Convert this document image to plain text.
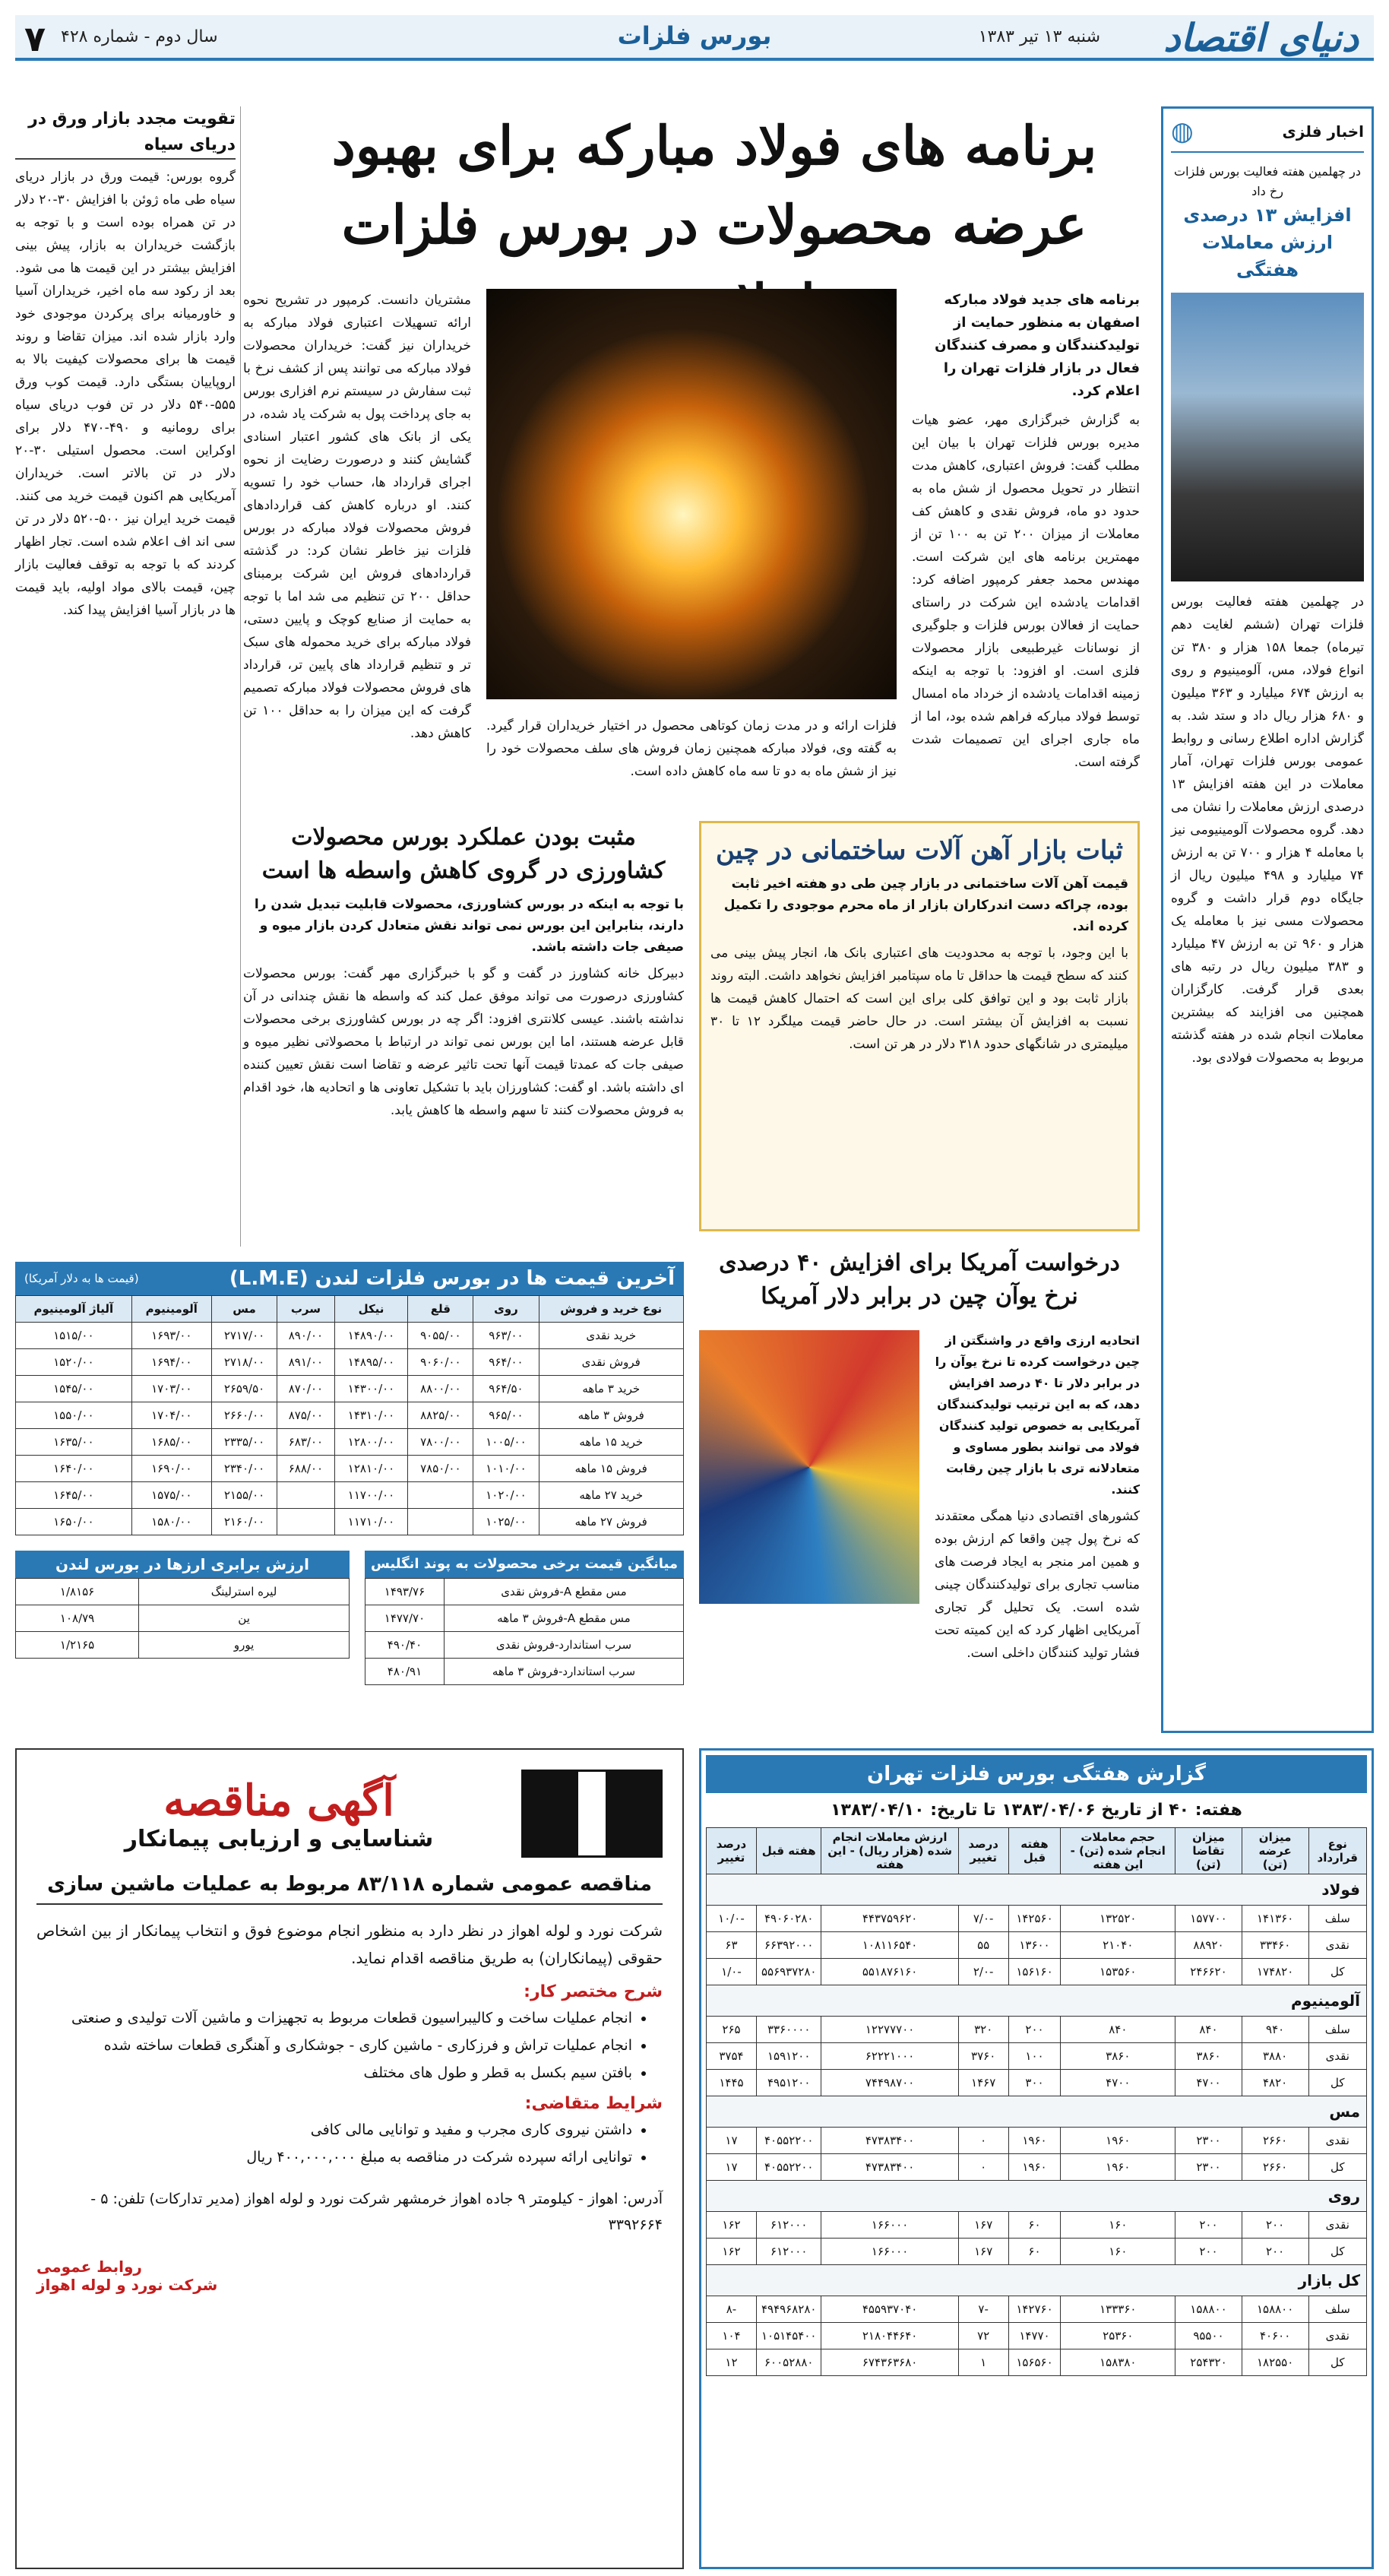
دنیای اقتصاد
شنبه ۱۳ تیر ۱۳۸۳
بورس فلزات
سال دوم - شماره ۴۲۸
۷
اخبار فلزی
◍
در چهلمین هفته فعالیت بورس فلزات رخ داد
افزایش ۱۳ درصدی ارزش معاملات هفتگی
در چهلمین هفته فعالیت بورس فلزات تهران (ششم لغایت دهم تیرماه) جمعا ۱۵۸ هزار و ۳۸۰ تن انواع فولاد، مس، آلومینیوم و روی به ارزش ۶۷۴ میلیارد و ۳۶۳ میلیون و ۶۸۰ هزار ریال داد و ستد شد. به گزارش اداره اطلاع رسانی و روابط عمومی بورس فلزات تهران، آمار معاملات در این هفته افزایش ۱۳ درصدی ارزش معاملات را نشان می دهد. گروه محصولات آلومینیومی نیز با معامله ۴ هزار و ۷۰۰ تن به ارزش ۷۴ میلیارد و ۴۹۸ میلیون ریال از جایگاه دوم قرار داشت و گروه محصولات مسی نیز با معامله یک هزار و ۹۶۰ تن به ارزش ۴۷ میلیارد و ۳۸۳ میلیون ریال در رتبه های بعدی قرار گرفت. کارگزاران همچنین می افزایند که بیشترین معاملات انجام شده در هفته گذشته مربوط به محصولات فولادی بود.
برنامه های فولاد مبارکه برای بهبود عرضه محصولات در بورس فلزات
برنامه های جدید فولاد مبارکه اصفهان به منظور حمایت از تولیدکنندگان و مصرف کنندگان فعال در بازار فلزات تهران را اعلام کرد.
به گزارش خبرگزاری مهر، عضو هیات مدیره بورس فلزات تهران با بیان این مطلب گفت: فروش اعتباری، کاهش مدت انتظار در تحویل محصول از شش ماه به حدود دو ماه، فروش نقدی و کاهش کف معاملات از میزان ۲۰۰ تن به ۱۰۰ تن از مهمترین برنامه های این شرکت است. مهندس محمد جعفر کرمپور اضافه کرد: اقدامات یادشده این شرکت در راستای حمایت از فعالان بورس فلزات و جلوگیری از نوسانات غیرطبیعی بازار محصولات فلزی است. او افزود: با توجه به اینکه زمینه اقدامات یادشده از خرداد ماه امسال توسط فولاد مبارکه فراهم شده بود، اما از ماه جاری اجرای این تصمیمات شدت گرفته است.
فلزات ارائه و در مدت زمان کوتاهی محصول در اختیار خریداران قرار گیرد. به گفته وی، فولاد مبارکه همچنین زمان فروش های سلف محصولات خود را نیز از شش ماه به دو تا سه ماه کاهش داده است.
مشتریان دانست. کرمپور در تشریح نحوه ارائه تسهیلات اعتباری فولاد مبارکه به خریداران نیز گفت: خریداران محصولات فولاد مبارکه می توانند پس از کشف نرخ با ثبت سفارش در سیستم نرم افزاری بورس به جای پرداخت پول به شرکت یاد شده، در یکی از بانک های کشور اعتبار اسنادی گشایش کنند و درصورت رضایت از نحوه اجرای قرارداد ها، حساب خود را تسویه کنند. او درباره کاهش کف قراردادهای فروش محصولات فولاد مبارکه در بورس فلزات نیز خاطر نشان کرد: در گذشته قراردادهای فروش این شرکت برمبنای حداقل ۲۰۰ تن تنظیم می شد اما با توجه به حمایت از صنایع کوچک و پایین دستی، فولاد مبارکه برای خرید محموله های سبک تر و تنظیم قرارداد های پایین تر، قرارداد های فروش محصولات فولاد مبارکه تصمیم گرفت که این میزان را به حداقل ۱۰۰ تن کاهش دهد.
تقویت مجدد بازار ورق در دریای سیاه
گروه بورس: قیمت ورق در بازار دریای سیاه طی ماه ژوئن با افزایش ۳۰-۲۰ دلار در تن همراه بوده است و با توجه به بازگشت خریداران به بازار، پیش بینی افزایش بیشتر در این قیمت ها می شود. بعد از رکود سه ماه اخیر، خریداران آسیا و خاورمیانه برای پرکردن موجودی خود وارد بازار شده اند. میزان تقاضا و روند قیمت ها برای محصولات کیفیت بالا به اروپاییان بستگی دارد. قیمت کوب ورق ۵۵۵-۵۴۰ دلار در تن فوب دریای سیاه برای رومانیه و ۴۹۰-۴۷۰ دلار برای اوکراین است. محصول استیلی ۳۰-۲۰ دلار در تن بالاتر است. خریداران آمریکایی هم اکنون قیمت خرید می کنند. قیمت خرید ایران نیز ۵۰۰-۵۲۰ دلار در تن سی اند اف اعلام شده است. تجار اظهار کردند که با توجه به توقف فعالیت بازار چین، قیمت بالای مواد اولیه، باید قیمت ها در بازار آسیا افزایش پیدا کند.
مثبت بودن عملکرد بورس محصولات کشاورزی در گروی کاهش واسطه ها است
با توجه به اینکه در بورس کشاورزی، محصولات قابلیت تبدیل شدن را دارند، بنابراین این بورس نمی تواند نقش متعادل کردن بازار میوه و صیفی جات داشته باشد.
دبیرکل خانه کشاورز در گفت و گو با خبرگزاری مهر گفت: بورس محصولات کشاورزی درصورت می تواند موفق عمل کند که واسطه ها نقش چندانی در آن نداشته باشند. عیسی کلانتری افزود: اگر چه در بورس کشاورزی برخی محصولات قابل عرضه هستند، اما این بورس نمی تواند در ارتباط با محصولاتی نظیر میوه و صیفی جات که عمدتا قیمت آنها تحت تاثیر عرضه و تقاضا است نقش تعیین کننده ای داشته باشد. او گفت: کشاورزان باید با تشکیل تعاونی ها و اتحادیه ها، خود اقدام به فروش محصولات کنند تا سهم واسطه ها کاهش یابد.
ثبات بازار آهن آلات ساختمانی در چین
قیمت آهن آلات ساختمانی در بازار چین طی دو هفته اخیر ثابت بوده، چراکه دست اندرکاران بازار از ماه محرم موجودی را تکمیل کرده اند.
با این وجود، با توجه به محدودیت های اعتباری بانک ها، انجار پیش بینی می کنند که سطح قیمت ها حداقل تا ماه سپتامبر افزایش نخواهد داشت. البته روند بازار ثابت بود و این توافق کلی برای این است که احتمال کاهش قیمت ها نسبت به افزایش آن بیشتر است. در حال حاضر قیمت میلگرد ۱۲ تا ۳۰ میلیمتری در شانگهای حدود ۳۱۸ دلار در هر تن است.
درخواست آمریکا برای افزایش ۴۰ درصدی نرخ یوآن چین در برابر دلار آمریکا
اتحادیه ارزی واقع در واشنگتن از چین درخواست کرده تا نرخ یوآن را در برابر دلار تا ۴۰ درصد افزایش دهد، که به این ترتیب تولیدکنندگان آمریکایی به خصوص تولید کنندگان فولاد می توانند بطور مساوی و متعادلانه تری با بازار چین رقابت کنند.
کشورهای اقتصادی دنیا همگی معتقدند که نرخ پول چین واقعا کم ارزش بوده و همین امر منجر به ایجاد فرصت های مناسب تجاری برای تولیدکنندگان چینی شده است. یک تحلیل گر تجاری آمریکایی اظهار کرد که این کمیته تحت فشار تولید کنندگان داخلی است.
آخرین قیمت ها در بورس فلزات لندن (L.M.E)
(قیمت ها به دلار آمریکا)
نوع خرید و فروش	روی	قلع	نیکل	سرب	مس	آلومینیوم	آلیاژ آلومینیوم
خرید نقدی	۹۶۳/۰۰	۹۰۵۵/۰۰	۱۴۸۹۰/۰۰	۸۹۰/۰۰	۲۷۱۷/۰۰	۱۶۹۳/۰۰	۱۵۱۵/۰۰
فروش نقدی	۹۶۴/۰۰	۹۰۶۰/۰۰	۱۴۸۹۵/۰۰	۸۹۱/۰۰	۲۷۱۸/۰۰	۱۶۹۴/۰۰	۱۵۲۰/۰۰
خرید ۳ ماهه	۹۶۴/۵۰	۸۸۰۰/۰۰	۱۴۳۰۰/۰۰	۸۷۰/۰۰	۲۶۵۹/۵۰	۱۷۰۳/۰۰	۱۵۴۵/۰۰
فروش ۳ ماهه	۹۶۵/۰۰	۸۸۲۵/۰۰	۱۴۳۱۰/۰۰	۸۷۵/۰۰	۲۶۶۰/۰۰	۱۷۰۴/۰۰	۱۵۵۰/۰۰
خرید ۱۵ ماهه	۱۰۰۵/۰۰	۷۸۰۰/۰۰	۱۲۸۰۰/۰۰	۶۸۳/۰۰	۲۳۳۵/۰۰	۱۶۸۵/۰۰	۱۶۳۵/۰۰
فروش ۱۵ ماهه	۱۰۱۰/۰۰	۷۸۵۰/۰۰	۱۲۸۱۰/۰۰	۶۸۸/۰۰	۲۳۴۰/۰۰	۱۶۹۰/۰۰	۱۶۴۰/۰۰
خرید ۲۷ ماهه	۱۰۲۰/۰۰		۱۱۷۰۰/۰۰		۲۱۵۵/۰۰	۱۵۷۵/۰۰	۱۶۴۵/۰۰
فروش ۲۷ ماهه	۱۰۲۵/۰۰		۱۱۷۱۰/۰۰		۲۱۶۰/۰۰	۱۵۸۰/۰۰	۱۶۵۰/۰۰
ارزش برابری ارزها در بورس لندن
لیره استرلینگ	۱/۸۱۵۶
ین	۱۰۸/۷۹
یورو	۱/۲۱۶۵
میانگین قیمت برخی محصولات به پوند انگلیس
مس مقطع A-فروش نقدی	۱۴۹۳/۷۶
مس مقطع A-فروش ۳ ماهه	۱۴۷۷/۷۰
سرب استاندارد-فروش نقدی	۴۹۰/۴۰
سرب استاندارد-فروش ۳ ماهه	۴۸۰/۹۱
آگهی مناقصه
شناسایی و ارزیابی پیمانکار
مناقصه عمومی شماره ۸۳/۱۱۸ مربوط به عملیات ماشین سازی
شرکت نورد و لوله اهواز در نظر دارد به منظور انجام موضوع فوق و انتخاب پیمانکار از بین اشخاص حقوقی (پیمانکاران) به طریق مناقصه اقدام نماید.
شرح مختصر کار:
• انجام عملیات ساخت و کالیبراسیون قطعات مربوط به تجهیزات و ماشین آلات تولیدی و صنعتی
• انجام عملیات تراش و فرزکاری - ماشین کاری - جوشکاری و آهنگری قطعات ساخته شده
• بافتن سیم بکسل به قطر و طول های مختلف
شرایط متقاضی:
• داشتن نیروی کاری مجرب و مفید و توانایی مالی کافی
• توانایی ارائه سپرده شرکت در مناقصه به مبلغ ۴۰۰,۰۰۰,۰۰۰ ریال
آدرس: اهواز - کیلومتر ۹ جاده اهواز خرمشهر شرکت نورد و لوله اهواز (مدیر تدارکات) تلفن: ۵ - ۳۳۹۲۶۶۴
روابط عمومی
شرکت نورد و لوله اهواز
گزارش هفتگی بورس فلزات تهران
هفته: ۴۰ از تاریخ ۱۳۸۳/۰۴/۰۶ تا تاریخ: ۱۳۸۳/۰۴/۱۰
نوع قرارداد	میزان عرضه (تن)	میزان تقاضا (تن)	حجم معاملات انجام شده (تن) - این هفته	هفته قبل	درصد تغییر	ارزش معاملات انجام شده (هزار ریال) - این هفته	هفته قبل	درصد تغییر
فولاد								
سلف	۱۴۱۳۶۰	۱۵۷۷۰۰	۱۳۲۵۲۰	۱۴۲۵۶۰	-۷/۰	۴۴۳۷۵۹۶۲۰	۴۹۰۶۰۲۸۰	-۱۰/۰
نقدی	۳۳۴۶۰	۸۸۹۲۰	۲۱۰۴۰	۱۳۶۰۰	۵۵	۱۰۸۱۱۶۵۴۰	۶۶۳۹۲۰۰۰	۶۳
کل	۱۷۴۸۲۰	۲۴۶۶۲۰	۱۵۳۵۶۰	۱۵۶۱۶۰	-۲/۰	۵۵۱۸۷۶۱۶۰	۵۵۶۹۳۷۲۸۰	-۱/۰
آلومینیوم								
سلف	۹۴۰	۸۴۰	۸۴۰	۲۰۰	۳۲۰	۱۲۲۷۷۷۰۰	۳۳۶۰۰۰۰	۲۶۵
نقدی	۳۸۸۰	۳۸۶۰	۳۸۶۰	۱۰۰	۳۷۶۰	۶۲۲۲۱۰۰۰	۱۵۹۱۲۰۰	۳۷۵۴
کل	۴۸۲۰	۴۷۰۰	۴۷۰۰	۳۰۰	۱۴۶۷	۷۴۴۹۸۷۰۰	۴۹۵۱۲۰۰	۱۴۴۵
مس								
نقدی	۲۶۶۰	۲۳۰۰	۱۹۶۰	۱۹۶۰	۰	۴۷۳۸۳۴۰۰	۴۰۵۵۲۲۰۰	۱۷
کل	۲۶۶۰	۲۳۰۰	۱۹۶۰	۱۹۶۰	۰	۴۷۳۸۳۴۰۰	۴۰۵۵۲۲۰۰	۱۷
روی								
نقدی	۲۰۰	۲۰۰	۱۶۰	۶۰	۱۶۷	۱۶۶۰۰۰	۶۱۲۰۰۰	۱۶۲
کل	۲۰۰	۲۰۰	۱۶۰	۶۰	۱۶۷	۱۶۶۰۰۰	۶۱۲۰۰۰	۱۶۲
کل بازار								
سلف	۱۵۸۸۰۰	۱۵۸۸۰۰	۱۳۳۳۶۰	۱۴۲۷۶۰	-۷	۴۵۵۹۳۷۰۴۰	۴۹۴۹۶۸۲۸۰	-۸
نقدی	۴۰۶۰۰	۹۵۵۰۰	۲۵۳۶۰	۱۴۷۷۰	۷۲	۲۱۸۰۴۴۶۴۰	۱۰۵۱۴۵۴۰۰	۱۰۴
کل	۱۸۲۵۵۰	۲۵۴۳۲۰	۱۵۸۳۸۰	۱۵۶۵۶۰	۱	۶۷۴۳۶۳۶۸۰	۶۰۰۵۲۸۸۰	۱۲
